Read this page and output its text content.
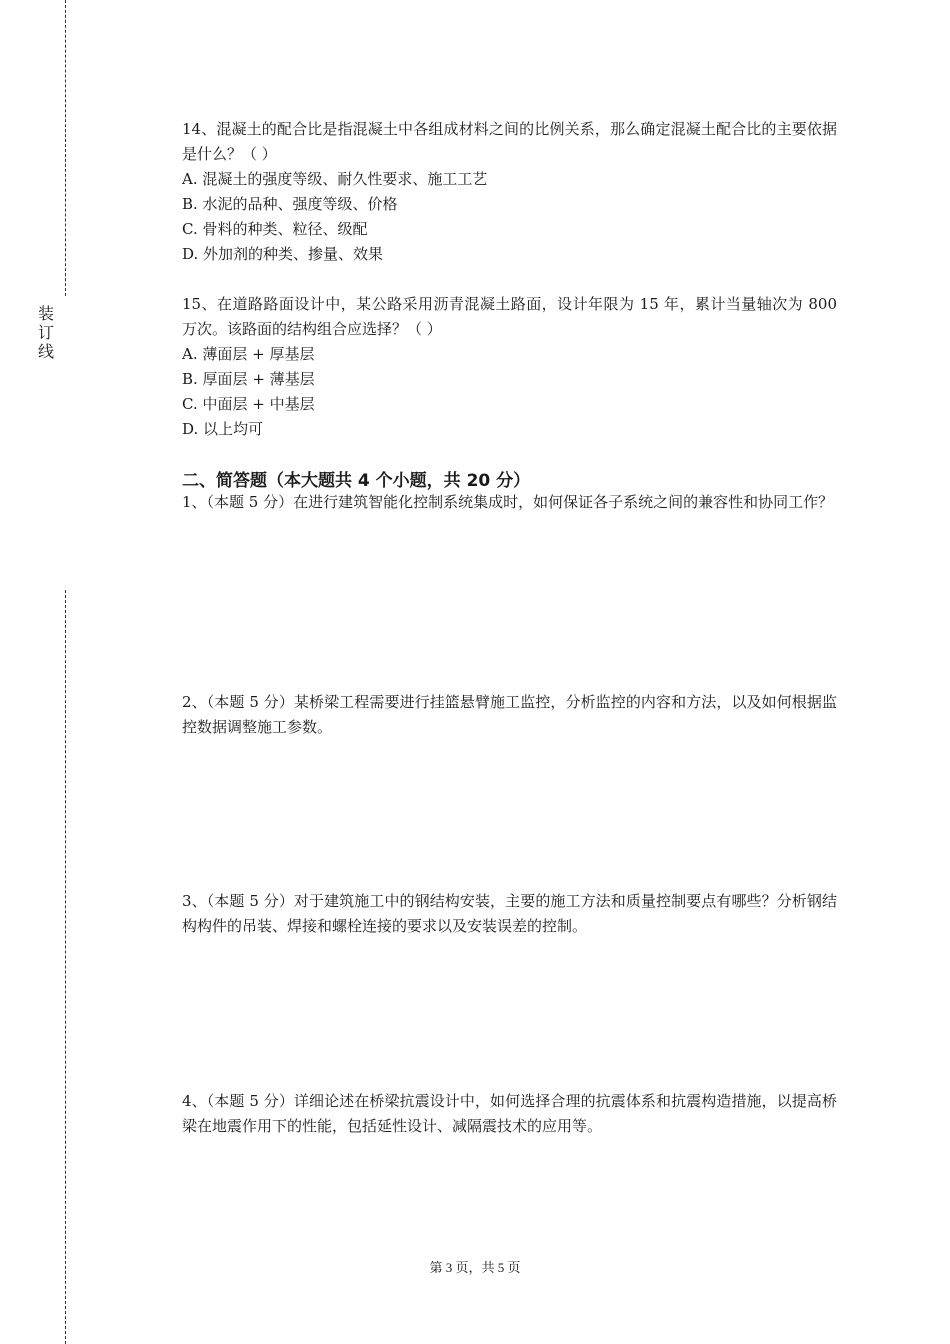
装
订
线
14、混凝土的配合比是指混凝土中各组成材料之间的比例关系，那么确定混凝土配合比的主要依据是什么？（ ）
A. 混凝土的强度等级、耐久性要求、施工工艺
B. 水泥的品种、强度等级、价格
C. 骨料的种类、粒径、级配
D. 外加剂的种类、掺量、效果
15、在道路路面设计中，某公路采用沥青混凝土路面，设计年限为 15 年，累计当量轴次为 800 万次。该路面的结构组合应选择？（ ）
A. 薄面层 + 厚基层
B. 厚面层 + 薄基层
C. 中面层 + 中基层
D. 以上均可
二、简答题（本大题共 4 个小题，共 20 分）
1、（本题 5 分）在进行建筑智能化控制系统集成时，如何保证各子系统之间的兼容性和协同工作？
2、（本题 5 分）某桥梁工程需要进行挂篮悬臂施工监控，分析监控的内容和方法，以及如何根据监控数据调整施工参数。
3、（本题 5 分）对于建筑施工中的钢结构安装，主要的施工方法和质量控制要点有哪些？分析钢结构构件的吊装、焊接和螺栓连接的要求以及安装误差的控制。
4、（本题 5 分）详细论述在桥梁抗震设计中，如何选择合理的抗震体系和抗震构造措施，以提高桥梁在地震作用下的性能，包括延性设计、减隔震技术的应用等。
第 3 页，共 5 页
